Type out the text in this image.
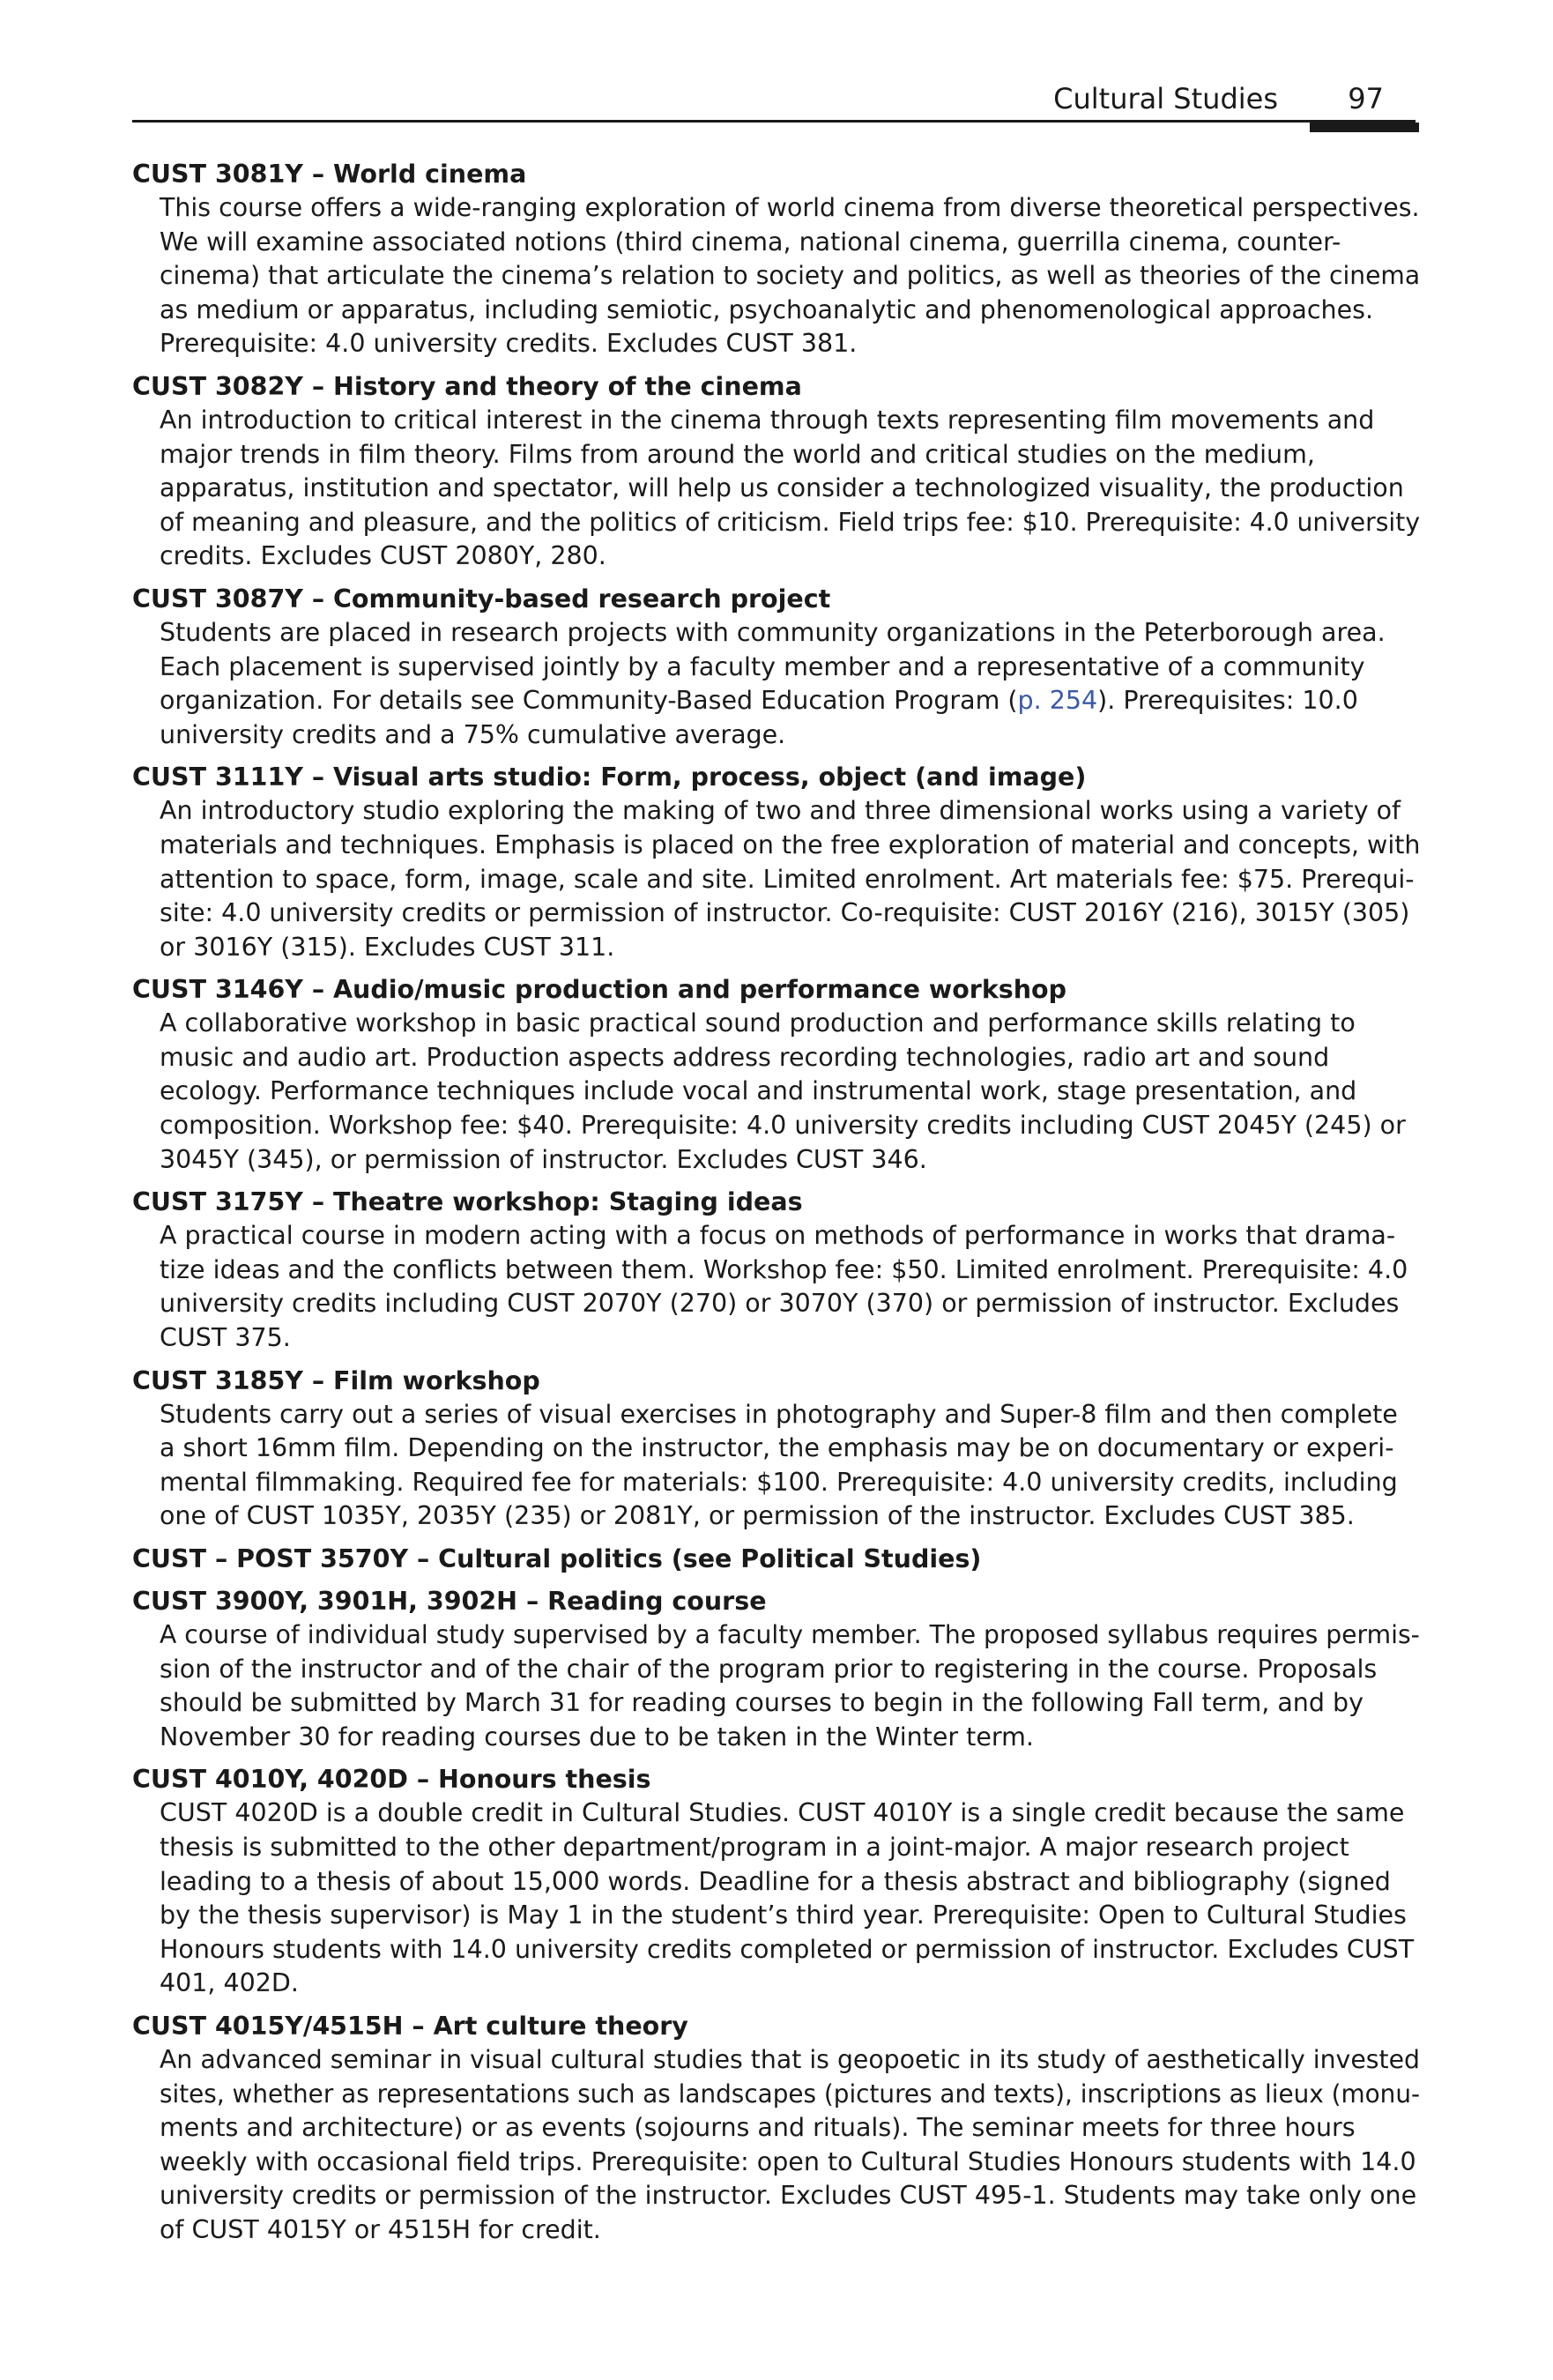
Cultural Studies 97

CUST 3081Y – World cinema

This course offers a wide-ranging exploration of world cinema from diverse theoretical perspectives.
We will examine associated notions (third cinema, national cinema, guerrilla cinema, counter-
cinema) that articulate the cinema’s relation to society and politics, as well as theories of the cinema
as medium or apparatus, including semiotic, psychoanalytic and phenomenological approaches.
Prerequisite: 4.0 university credits. Excludes CUST 381.

CUST 3082Y – History and theory of the cinema

An introduction to critical interest in the cinema through texts representing film movements and
major trends in film theory. Films from around the world and critical studies on the medium,
apparatus, institution and spectator, will help us consider a technologized visuality, the production
of meaning and pleasure, and the politics of criticism. Field trips fee: $10. Prerequisite: 4.0 university
credits. Excludes CUST 2080Y, 280.

CUST 3087Y – Community-based research project

Students are placed in research projects with community organizations in the Peterborough area.
Each placement is supervised jointly by a faculty member and a representative of a community
organization. For details see Community-Based Education Program (p. 254). Prerequisites: 10.0
university credits and a 75% cumulative average.

CUST 3111Y – Visual arts studio: Form, process, object (and image)

An introductory studio exploring the making of two and three dimensional works using a variety of
materials and techniques. Emphasis is placed on the free exploration of material and concepts, with
attention to space, form, image, scale and site. Limited enrolment. Art materials fee: $75. Prerequi-
site: 4.0 university credits or permission of instructor. Co-requisite: CUST 2016Y (216), 3015Y (305)
or 3016Y (315). Excludes CUST 311.

CUST 3146Y – Audio/music production and performance workshop

A collaborative workshop in basic practical sound production and performance skills relating to
music and audio art. Production aspects address recording technologies, radio art and sound
ecology. Performance techniques include vocal and instrumental work, stage presentation, and
composition. Workshop fee: $40. Prerequisite: 4.0 university credits including CUST 2045Y (245) or
3045Y (345), or permission of instructor. Excludes CUST 346.

CUST 3175Y – Theatre workshop: Staging ideas

A practical course in modern acting with a focus on methods of performance in works that drama-
tize ideas and the conflicts between them. Workshop fee: $50. Limited enrolment. Prerequisite: 4.0
university credits including CUST 2070Y (270) or 3070Y (370) or permission of instructor. Excludes
CUST 375.

CUST 3185Y – Film workshop

Students carry out a series of visual exercises in photography and Super-8 film and then complete
a short 16mm film. Depending on the instructor, the emphasis may be on documentary or experi-
mental filmmaking. Required fee for materials: $100. Prerequisite: 4.0 university credits, including
one of CUST 1035Y, 2035Y (235) or 2081Y, or permission of the instructor. Excludes CUST 385.

CUST – POST 3570Y – Cultural politics (see Political Studies)

CUST 3900Y, 3901H, 3902H – Reading course

A course of individual study supervised by a faculty member. The proposed syllabus requires permis-
sion of the instructor and of the chair of the program prior to registering in the course. Proposals
should be submitted by March 31 for reading courses to begin in the following Fall term, and by
November 30 for reading courses due to be taken in the Winter term.

CUST 4010Y, 4020D – Honours thesis

CUST 4020D is a double credit in Cultural Studies. CUST 4010Y is a single credit because the same
thesis is submitted to the other department/program in a joint-major. A major research project
leading to a thesis of about 15,000 words. Deadline for a thesis abstract and bibliography (signed
by the thesis supervisor) is May 1 in the student’s third year. Prerequisite: Open to Cultural Studies
Honours students with 14.0 university credits completed or permission of instructor. Excludes CUST
401, 402D.

CUST 4015Y/4515H – Art culture theory

An advanced seminar in visual cultural studies that is geopoetic in its study of aesthetically invested
sites, whether as representations such as landscapes (pictures and texts), inscriptions as lieux (monu-
ments and architecture) or as events (sojourns and rituals). The seminar meets for three hours
weekly with occasional field trips. Prerequisite: open to Cultural Studies Honours students with 14.0
university credits or permission of the instructor. Excludes CUST 495-1. Students may take only one
of CUST 4015Y or 4515H for credit.
